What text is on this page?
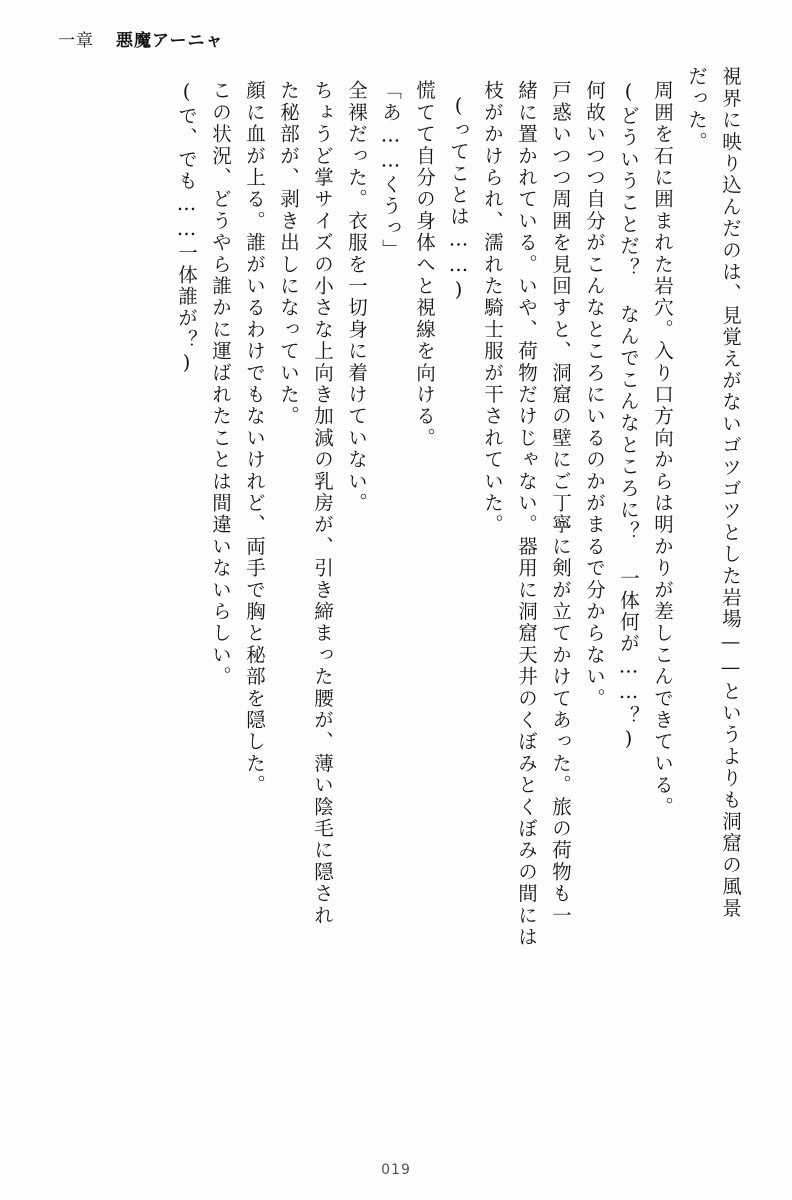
一章 悪魔アーニャ
視界に映り込んだのは、見覚えがないゴツゴツとした岩場——というよりも洞窟の風景
だった。
周囲を石に囲まれた岩穴。入り口方向からは明かりが差しこんできている。
(どういうことだ？ なんでこんなところに？ 一体何が……？)
何故いつつ自分がこんなところにいるのかがまるで分からない。
戸惑いつつ周囲を見回すと、洞窟の壁にご丁寧に剣が立てかけてあった。旅の荷物も一
緒に置かれている。いや、荷物だけじゃない。器用に洞窟天井のくぼみとくぼみの間には
枝がかけられ、濡れた騎士服が干されていた。
(ってことは……)
慌てて自分の身体へと視線を向ける。
「あ……くうっ」
全裸だった。衣服を一切身に着けていない。
ちょうど掌サイズの小さな上向き加減の乳房が、引き締まった腰が、薄い陰毛に隠され
た秘部が、剥き出しになっていた。
顔に血が上る。誰がいるわけでもないけれど、両手で胸と秘部を隠した。
この状況、どうやら誰かに運ばれたことは間違いないらしい。
(で、でも……一体誰が？)
019
